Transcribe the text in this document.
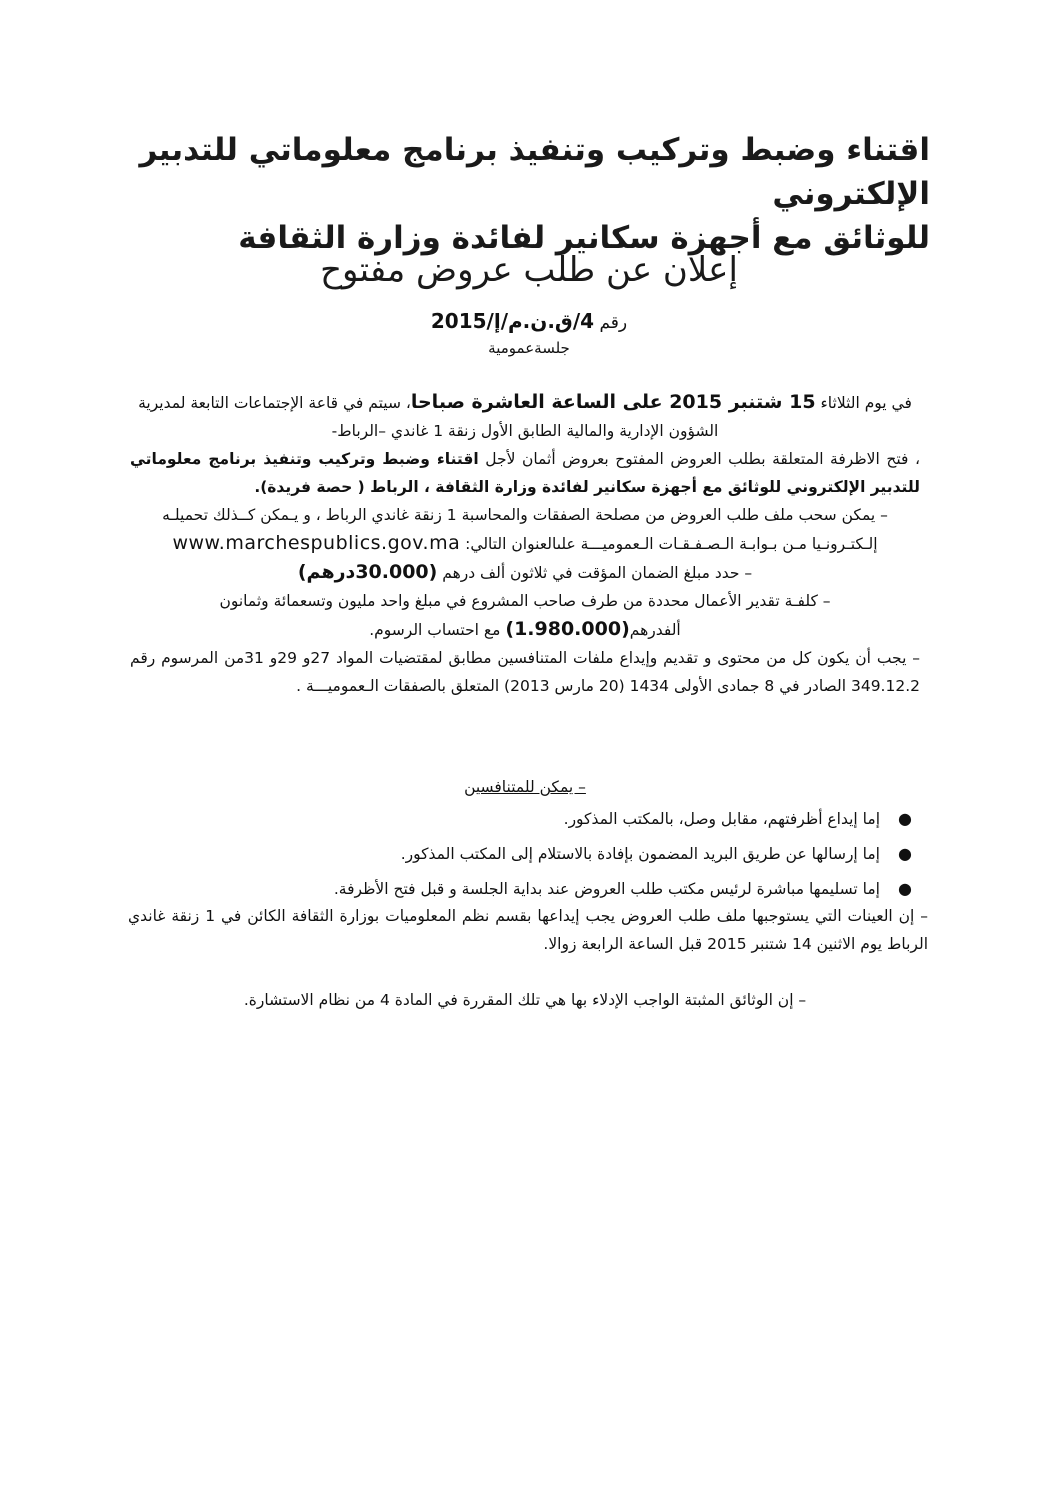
اقتناء وضبط وتركيب وتنفيذ برنامج معلوماتي للتدبير الإلكتروني
للوثائق مع أجهزة سكانير لفائدة وزارة الثقافة
إعلان عن طلب عروض مفتوح
رقم 4/ق.ن.م/إ/2015
جلسةعمومية

في يوم الثلاثاء 15 شتنبر 2015 على الساعة العاشرة صباحا، سيتم في قاعة الإجتماعات التابعة لمديرية الشؤون الإدارية والمالية الطابق الأول زنقة 1 غاندي –الرباط-

، فتح الاظرفة المتعلقة بطلب العروض المفتوح بعروض أثمان لأجل اقتناء وضبط وتركيب وتنفيذ برنامج معلوماتي للتدبير الإلكتروني للوثائق مع أجهزة سكانير لفائدة وزارة الثقافة ، الرباط ( حصة فريدة).

– يمكن سحب ملف طلب العروض من مصلحة الصفقات والمحاسبة 1 زنقة غاندي الرباط ، و يـمكن كــذلك تحميلـه إلـكتـرونـيا مـن بـوابـة الـصـفـقـات الـعموميـــة علىالعنوان التالي: www.marchespublics.gov.ma

– حدد مبلغ الضمان المؤقت في ثلاثون ألف درهم (30.000درهم)

– كلفـة تقدير الأعمال محددة من طرف صاحب المشروع في مبلغ واحد مليون وتسعمائة وثمانون ألفدرهم(1.980.000) مع احتساب الرسوم.

– يجب أن يكون كل من محتوى و تقديم وإيداع ملفات المتنافسين مطابق لمقتضيات المواد 27و 29و 31من المرسوم رقم 349.12.2 الصادر في 8 جمادى الأولى 1434 (20 مارس 2013) المتعلق بالصفقات الـعموميـــة .

– يمكن للمتنافسين

●
إما إيداع أظرفتهم، مقابل وصل، بالمكتب المذكور.
●
إما إرسالها عن طريق البريد المضمون بإفادة بالاستلام إلى المكتب المذكور.
●
إما تسليمها مباشرة لرئيس مكتب طلب العروض عند بداية الجلسة و قبل فتح الأظرفة.

– إن العينات التي يستوجبها ملف طلب العروض يجب إيداعها بقسم نظم المعلوميات بوزارة الثقافة الكائن في 1 زنقة غاندي الرباط يوم الاثنين 14 شتنبر 2015 قبل الساعة الرابعة زوالا.

– إن الوثائق المثبتة الواجب الإدلاء بها هي تلك المقررة في المادة 4 من نظام الاستشارة.
